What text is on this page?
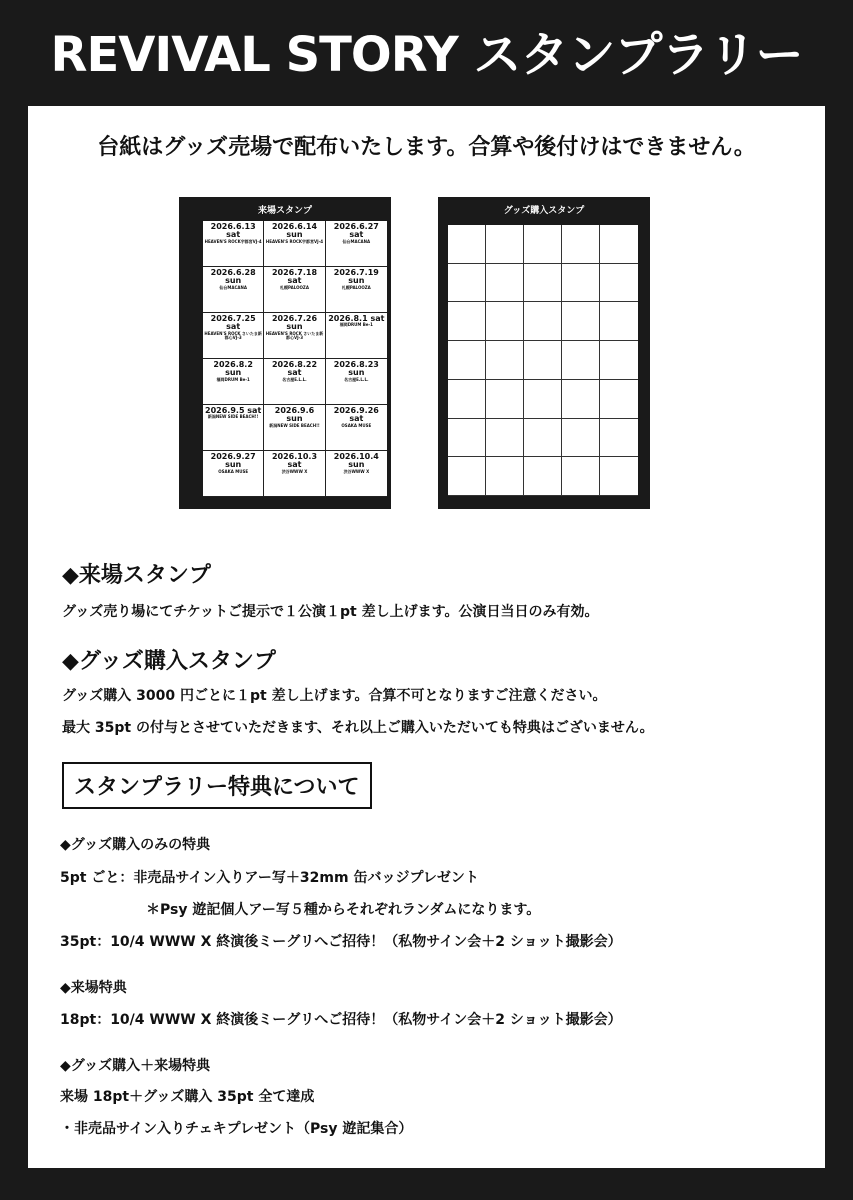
REVIVAL STORY スタンプラリー
台紙はグッズ売場で配布いたします。合算や後付けはできません。
来場スタンプ
2026.6.13 sat
HEAVEN'S ROCK宇都宮VJ-4
2026.6.14 sun
HEAVEN'S ROCK宇都宮VJ-4
2026.6.27 sat
仙台MACANA
2026.6.28 sun
仙台MACANA
2026.7.18 sat
札幌PALOOZA
2026.7.19 sun
札幌PALOOZA
2026.7.25 sat
HEAVEN'S ROCK さいたま新都心VJ-3
2026.7.26 sun
HEAVEN'S ROCK さいたま新都心VJ-3
2026.8.1 sat
福岡DRUM Be-1
2026.8.2 sun
福岡DRUM Be-1
2026.8.22 sat
名古屋E.L.L.
2026.8.23 sun
名古屋E.L.L.
2026.9.5 sat
新潟NEW SIDE BEACH!!
2026.9.6 sun
新潟NEW SIDE BEACH!!
2026.9.26 sat
OSAKA MUSE
2026.9.27 sun
OSAKA MUSE
2026.10.3 sat
渋谷WWW X
2026.10.4 sun
渋谷WWW X
グッズ購入スタンプ
◆来場スタンプ
グッズ売り場にてチケットご提示で１公演１pt 差し上げます。公演日当日のみ有効。
◆グッズ購入スタンプ
グッズ購入 3000 円ごとに１pt 差し上げます。合算不可となりますご注意ください。
最大 35pt の付与とさせていただきます、それ以上ご購入いただいても特典はございません。
スタンプラリー特典について
◆グッズ購入のみの特典
5pt ごと：非売品サイン入りアー写＋32mm 缶バッジプレゼント
＊Psy 遊記個人アー写５種からそれぞれランダムになります。
35pt：10/4 WWW X 終演後ミーグリへご招待！（私物サイン会＋2 ショット撮影会）
◆来場特典
18pt：10/4 WWW X 終演後ミーグリへご招待！（私物サイン会＋2 ショット撮影会）
◆グッズ購入＋来場特典
来場 18pt＋グッズ購入 35pt 全て達成
・非売品サイン入りチェキプレゼント（Psy 遊記集合）
